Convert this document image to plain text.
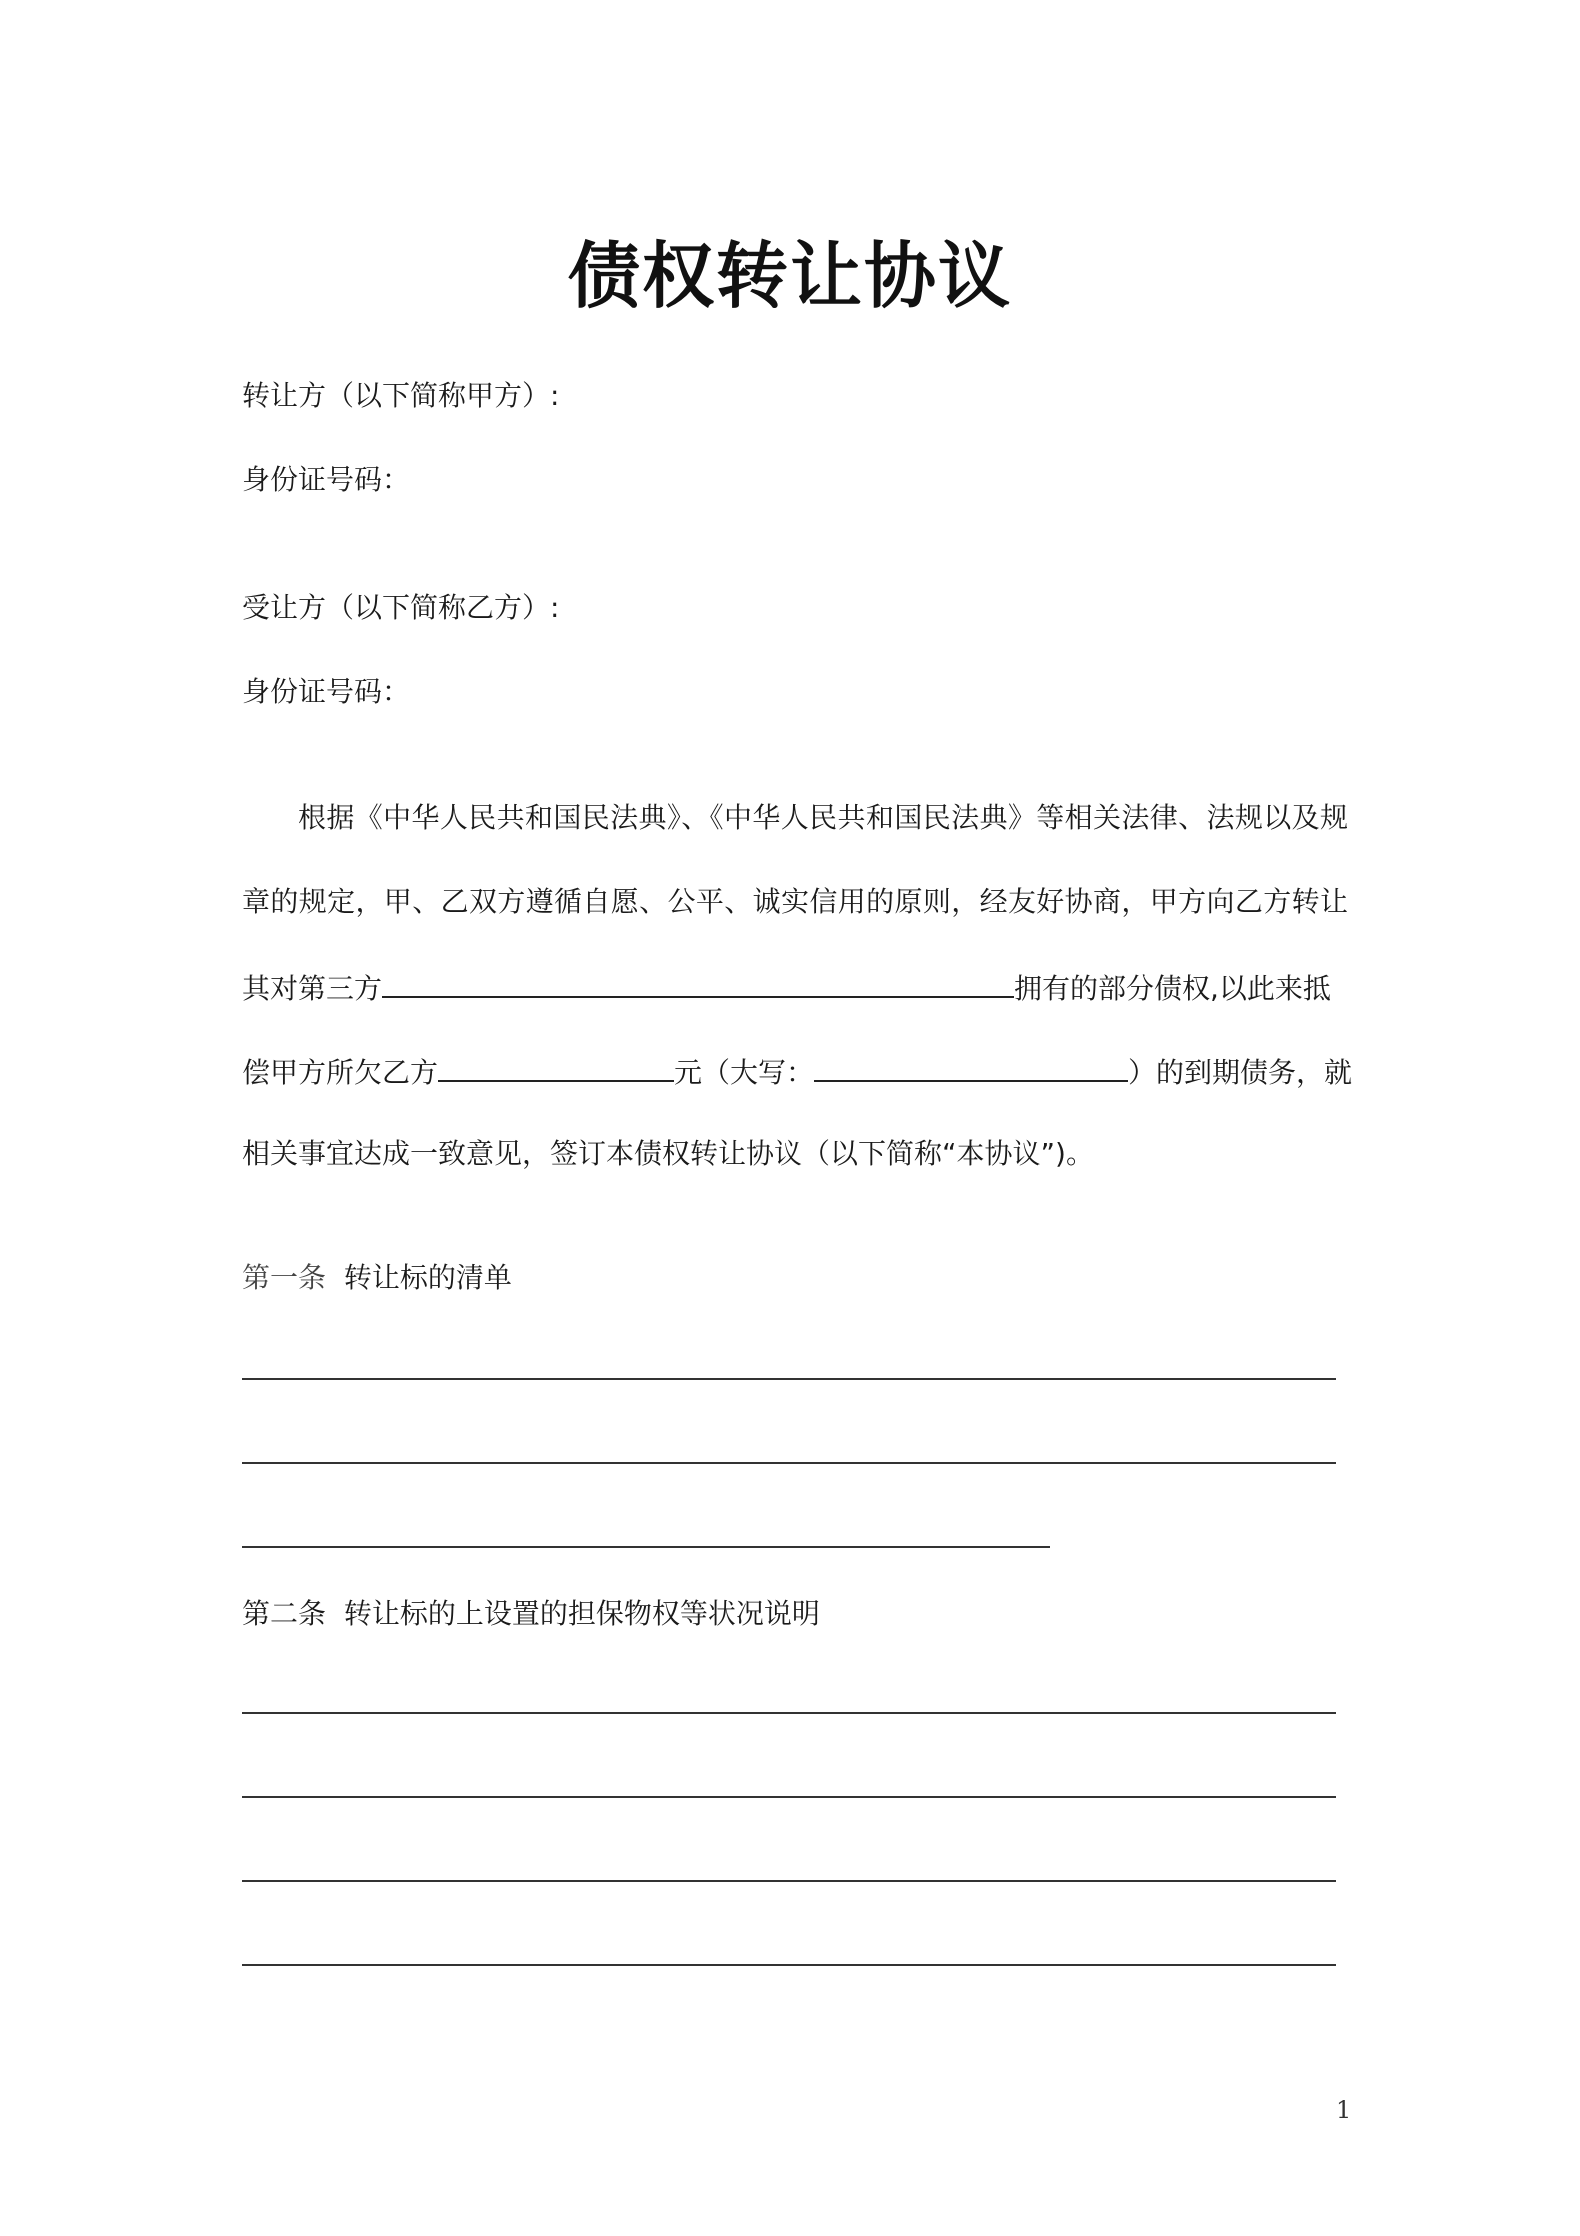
债权转让协议
转让方（以下简称甲方）:
身份证号码：
受让方（以下简称乙方）:
身份证号码：
根据《中华人民共和国民法典》、《中华人民共和国民法典》等相关法律、法规以及规
章的规定，甲、乙双方遵循自愿、公平、诚实信用的原则，经友好协商，甲方向乙方转让
其对第三方	拥有的部分债权,以此来抵
偿甲方所欠乙方	元（大写：	）的到期债务，就
相关事宜达成一致意见，签订本债权转让协议（以下简称“本协议”)。
第一条 转让标的清单
第二条 转让标的上设置的担保物权等状况说明
1
